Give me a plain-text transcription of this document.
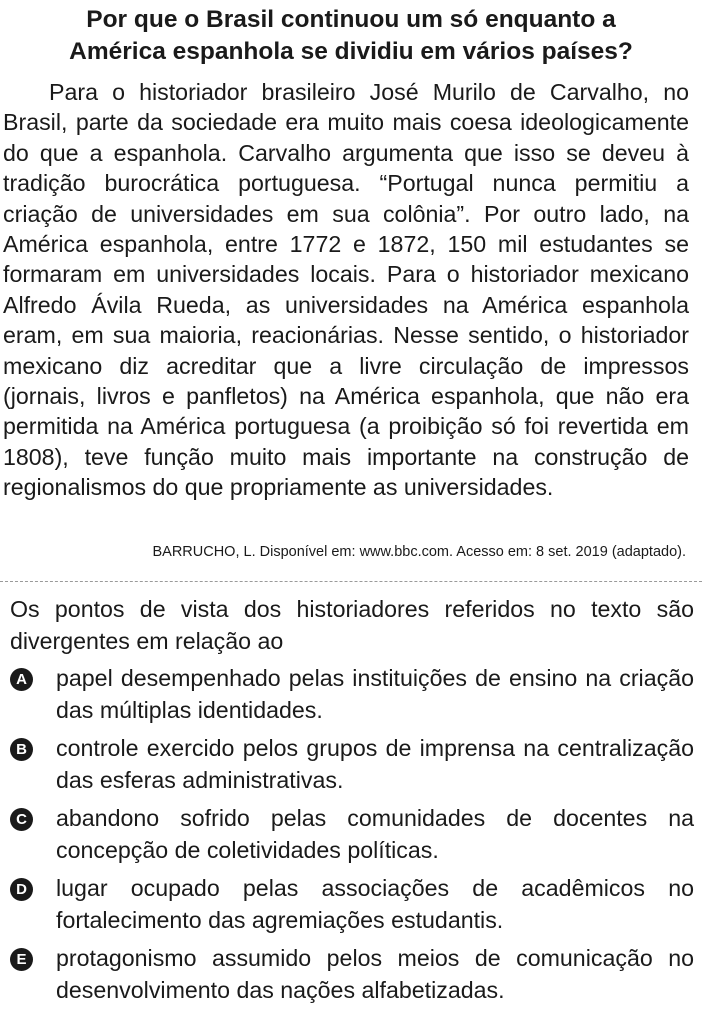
Por que o Brasil continuou um só enquanto a
América espanhola se dividiu em vários países?

Para o historiador brasileiro José Murilo de Carvalho, no Brasil, parte da sociedade era muito mais coesa ideologicamente do que a espanhola. Carvalho argumenta que isso se deveu à tradição burocrática portuguesa. “Portugal nunca permitiu a criação de universidades em sua colônia”. Por outro lado, na América espanhola, entre 1772 e 1872, 150 mil estudantes se formaram em universidades locais. Para o historiador mexicano Alfredo Ávila Rueda, as universidades na América espanhola eram, em sua maioria, reacionárias. Nesse sentido, o historiador mexicano diz acreditar que a livre circulação de impressos (jornais, livros e panfletos) na América espanhola, que não era permitida na América portuguesa (a proibição só foi revertida em 1808), teve função muito mais importante na construção de regionalismos do que propriamente as universidades.

BARRUCHO, L. Disponível em: www.bbc.com. Acesso em: 8 set. 2019 (adaptado).

Os pontos de vista dos historiadores referidos no texto são divergentes em relação ao

A papel desempenhado pelas instituições de ensino na criação das múltiplas identidades.
B controle exercido pelos grupos de imprensa na centralização das esferas administrativas.
C abandono sofrido pelas comunidades de docentes na concepção de coletividades políticas.
D lugar ocupado pelas associações de acadêmicos no fortalecimento das agremiações estudantis.
E protagonismo assumido pelos meios de comunicação no desenvolvimento das nações alfabetizadas.
